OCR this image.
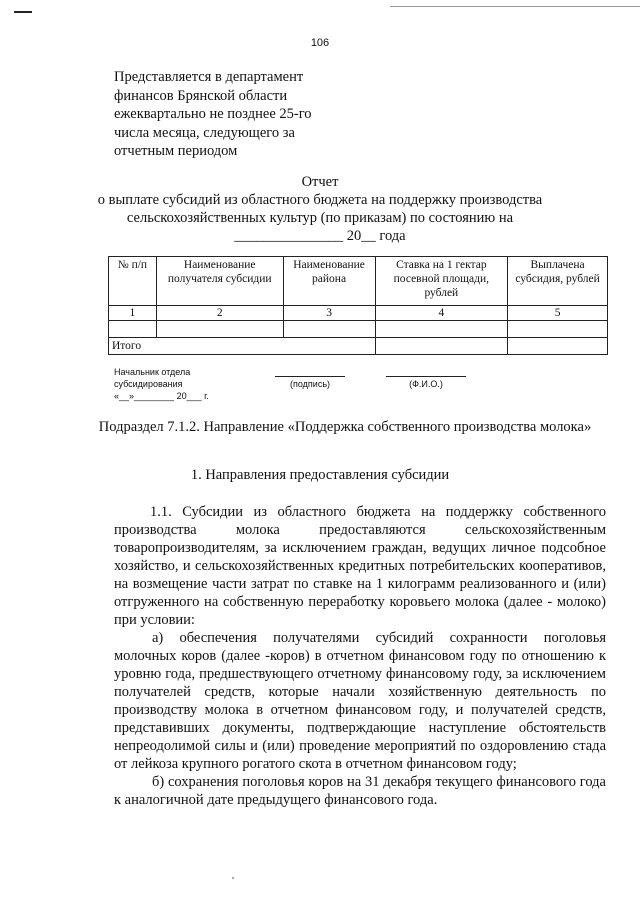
106
Представляется в департамент
финансов Брянской области
ежеквартально не позднее 25-го
числа месяца, следующего за
отчетным периодом
Отчет
о выплате субсидий из областного бюджета на поддержку производства
сельскохозяйственных культур (по приказам) по состоянию на
_______________ 20__ года
№ п/п	Наименование получателя субсидии	Наименование района	Ставка на 1 гектар посевной площади, рублей	Выплачена субсидия, рублей
1	2	3	4	5

Итого				
Начальник отдела
субсидирования
«__»________ 20___ г.
(подпись)	(Ф.И.О.)
Подраздел 7.1.2. Направление «Поддержка собственного производства молока»
1. Направления предоставления субсидии

1.1. Субсидии из областного бюджета на поддержку собственного производства молока предоставляются сельскохозяйственным товаропроизводителям, за исключением граждан, ведущих личное подсобное хозяйство, и сельскохозяйственных кредитных потребительских кооперативов, на возмещение части затрат по ставке на 1 килограмм реализованного и (или) отгруженного на собственную переработку коровьего молока (далее - молоко) при условии:

а) обеспечения получателями субсидий сохранности поголовья молочных коров (далее -коров) в отчетном финансовом году по отношению к уровню года, предшествующего отчетному финансовому году, за исключением получателей средств, которые начали хозяйственную деятельность по производству молока в отчетном финансовом году, и получателей средств, представивших документы, подтверждающие наступление обстоятельств непреодолимой силы и (или) проведение мероприятий по оздоровлению стада от лейкоза крупного рогатого скота в отчетном финансовом году;

б) сохранения поголовья коров на 31 декабря текущего финансового года к аналогичной дате предыдущего финансового года.
